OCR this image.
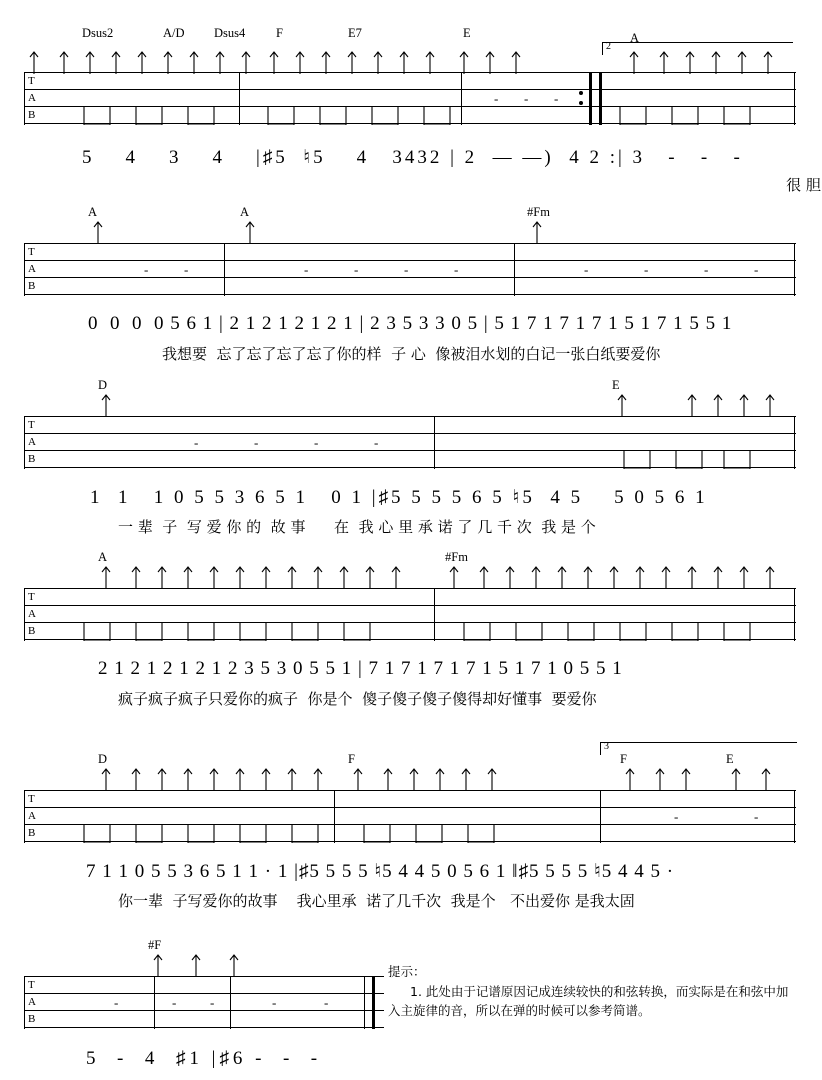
Dsus2	A/D Dsus4 F	E7	E	A
2
T
A
B
- - -
5    4    3    4    |♯5  ♮5    4   3432 | 2  — —)  4 2 :| 3   -   -   -
很 胆
A	A	#Fm
T
A
B
-	-	-	-	-	-	-	-	-	-
0  0  0  0 5 6 1 | 2 1 2 1 2 1 2 1 | 2 3 5 3 3 0 5 | 5 1 7 1 7 1 7 1 5 1 7 1 5 5 1
我想要  忘了忘了忘了忘了你的样  子 心  像被泪水划的白记一张白纸要爱你
D	E
T
A
B
-	-	-	-
1  1   1 0 5 5 3 6 5 1   0 1 |♯5 5 5 5 6 5 ♮5  4 5    5 0 5 6 1
一 辈  子  写 爱 你 的  故 事      在  我 心 里 承 诺 了 几 千 次  我 是 个
A	#Fm
T
A
B
2 1 2 1 2 1 2 1 2 3 5 3 0 5 5 1 | 7 1 7 1 7 1 7 1 5 1 7 1 0 5 5 1
疯子疯子疯子只爱你的疯子  你是个  傻子傻子傻子傻得却好懂事  要爱你
D	F	F	E
3
T
A
B
-	-
7 1 1 0 5 5 3 6 5 1 1 · 1 |♯5 5 5 5 ♮5 4 4 5 0 5 6 1 ‖♯5 5 5 5 ♮5 4 4 5 ·
你一辈  子写爱你的故事    我心里承  诺了几千次  我是个   不出爱你 是我太固
#F
T
A
B
-	-	-	-	-
5  -  4  ♯1 |♯6 -  -  -
提示：
1. 此处由于记谱原因记成连续较快的和弦转换，而实际是在和弦中加入主旋律的音，所以在弹的时候可以参考简谱。
